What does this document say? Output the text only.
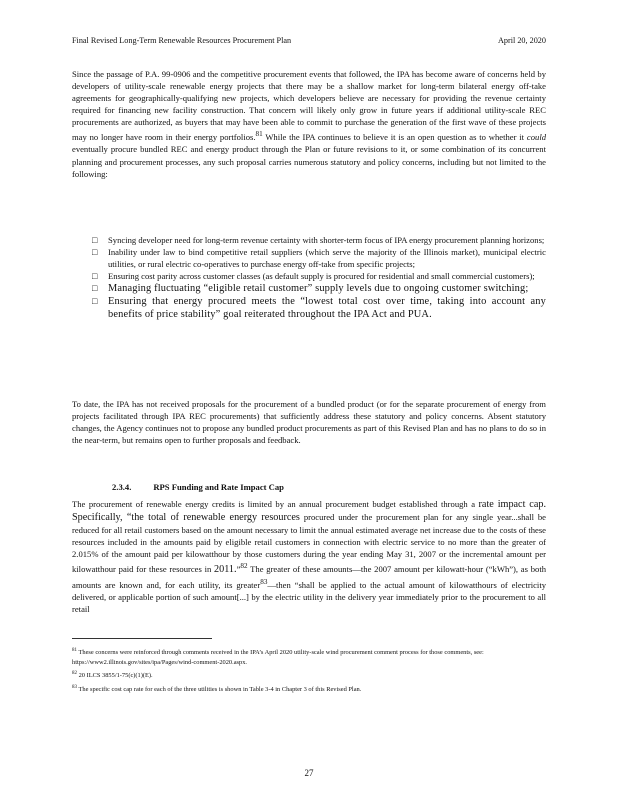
Final Revised Long-Term Renewable Resources Procurement Plan	April 20, 2020
Since the passage of P.A. 99-0906 and the competitive procurement events that followed, the IPA has become aware of concerns held by developers of utility-scale renewable energy projects that there may be a shallow market for long-term bilateral energy off-take agreements for geographically-qualifying new projects, which developers believe are necessary for providing the revenue certainty required for financing new facility construction. That concern will likely only grow in future years if additional utility-scale REC procurements are authorized, as buyers that may have been able to commit to purchase the generation of the first wave of these projects may no longer have room in their energy portfolios.$^{81}$ While the IPA continues to believe it is an open question as to whether it could eventually procure bundled REC and energy product through the Plan or future revisions to it, or some combination of its concurrent planning and procurement processes, any such proposal carries numerous statutory and policy concerns, including but not limited to the following:
□	Syncing developer need for long-term revenue certainty with shorter-term focus of IPA energy procurement planning horizons;
□	Inability under law to bind competitive retail suppliers (which serve the majority of the Illinois market), municipal electric utilities, or rural electric co-operatives to purchase energy off-take from specific projects;
□	Ensuring cost parity across customer classes (as default supply is procured for residential and small commercial customers);
□	Managing fluctuating “eligible retail customer” supply levels due to ongoing customer switching;
□	Ensuring that energy procured meets the “lowest total cost over time, taking into account any benefits of price stability” goal reiterated throughout the IPA Act and PUA.
To date, the IPA has not received proposals for the procurement of a bundled product (or for the separate procurement of energy from projects facilitated through IPA REC procurements) that sufficiently address these statutory and policy concerns. Absent statutory changes, the Agency continues not to propose any bundled product procurements as part of this Revised Plan and has no plans to do so in the near-term, but remains open to further proposals and feedback.
2.3.4.	RPS Funding and Rate Impact Cap
The procurement of renewable energy credits is limited by an annual procurement budget established through a rate impact cap. Specifically, “the total of renewable energy resources procured under the procurement plan for any single year...shall be reduced for all retail customers based on the amount necessary to limit the annual estimated average net increase due to the costs of these resources included in the amounts paid by eligible retail customers in connection with electric service to no more than the greater of 2.015% of the amount paid per kilowatthour by those customers during the year ending May 31, 2007 or the incremental amount per kilowatthour paid for these resources in 2011.”$^{82}$ The greater of these amounts—the 2007 amount per kilowatt-hour (“kWh”), as both amounts are known and, for each utility, its greater$^{83}$—then “shall be applied to the actual amount of kilowatthours of electricity delivered, or applicable portion of such amount[...] by the electric utility in the delivery year immediately prior to the procurement to all retail
$^{81}$ These concerns were reinforced through comments received in the IPA’s April 2020 utility-scale wind procurement comment process for those comments, see: https://www2.illinois.gov/sites/ipa/Pages/wind-comment-2020.aspx.
$^{82}$ 20 ILCS 3855/1-75(c)(1)(E).
$^{83}$ The specific cost cap rate for each of the three utilities is shown in Table 3-4 in Chapter 3 of this Revised Plan.
27
